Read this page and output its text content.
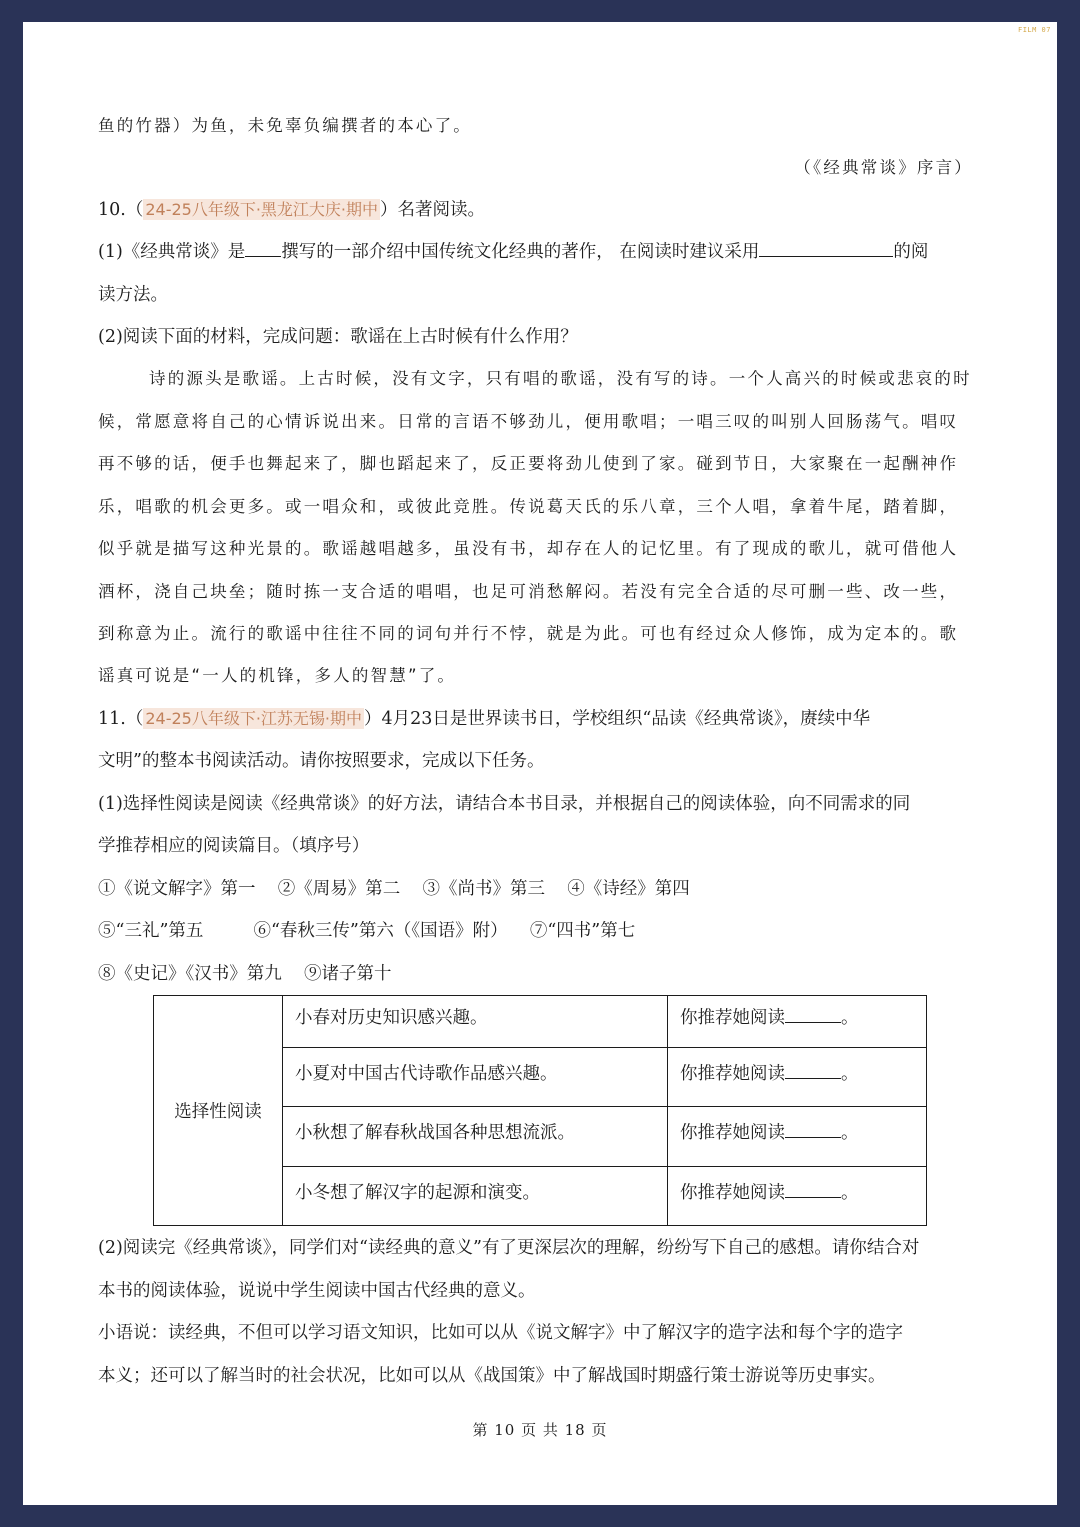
FILM 07
鱼的竹器）为鱼，未免辜负编撰者的本心了。
（《经典常谈》序言）
10.（ 24-25八年级下·黑龙江大庆·期中 ）名著阅读。
(1)《经典常谈》是 撰写的一部介绍中国传统文化经典的著作， 在阅读时建议采用	的阅
读方法。
(2)阅读下面的材料，完成问题：歌谣在上古时候有什么作用？
诗的源头是歌谣。上古时候，没有文字，只有唱的歌谣，没有写的诗。一个人高兴的时候或悲哀的时
候，常愿意将自己的心情诉说出来。日常的言语不够劲儿，便用歌唱；一唱三叹的叫别人回肠荡气。唱叹
再不够的话，便手也舞起来了，脚也蹈起来了，反正要将劲儿使到了家。碰到节日，大家聚在一起酬神作
乐，唱歌的机会更多。或一唱众和，或彼此竞胜。传说葛天氏的乐八章，三个人唱，拿着牛尾，踏着脚，
似乎就是描写这种光景的。歌谣越唱越多，虽没有书，却存在人的记忆里。有了现成的歌儿，就可借他人
酒杯，浇自己块垒；随时拣一支合适的唱唱，也足可消愁解闷。若没有完全合适的尽可删一些、改一些，
到称意为止。流行的歌谣中往往不同的词句并行不悖，就是为此。可也有经过众人修饰，成为定本的。歌
谣真可说是“一人的机锋，多人的智慧”了。
11.（ 24-25八年级下·江苏无锡·期中 ）4月23日是世界读书日，学校组织“品读《经典常谈》，赓续中华
文明”的整本书阅读活动。请你按照要求，完成以下任务。
(1)选择性阅读是阅读《经典常谈》的好方法，请结合本书目录，并根据自己的阅读体验，向不同需求的同
学推荐相应的阅读篇目。（填序号）
①《说文解字》第一    ②《周易》第二    ③《尚书》第三    ④《诗经》第四
⑤“三礼”第五         ⑥“春秋三传”第六（《国语》附）    ⑦“四书”第七
⑧《史记》《汉书》第九    ⑨诸子第十
选择性阅读	小春对历史知识感兴趣。	你推荐她阅读 。

	小夏对中国古代诗歌作品感兴趣。	你推荐她阅读 。

	小秋想了解春秋战国各种思想流派。	你推荐她阅读 。

	小冬想了解汉字的起源和演变。	你推荐她阅读 。
(2)阅读完《经典常谈》，同学们对“读经典的意义”有了更深层次的理解，纷纷写下自己的感想。请你结合对
本书的阅读体验，说说中学生阅读中国古代经典的意义。
小语说：读经典，不但可以学习语文知识，比如可以从《说文解字》中了解汉字的造字法和每个字的造字
本义；还可以了解当时的社会状况，比如可以从《战国策》中了解战国时期盛行策士游说等历史事实。
第 10 页 共 18 页
